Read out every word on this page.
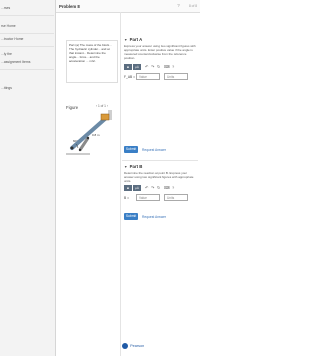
...rses
rse Home
...tructor Home
...ly the
...assignment Items
...ttings
Problem 8	?	8 of 8
Part (a) The mass of the block... The hydraulic cylinder... and at that instant... Determine the angle... force... and the acceleration ... m/s².
Figure	‹ 1 of 1 ›
60°
0.8 m
▼ Part A
Express your answer using two significant figures with appropriate units. Enter positive value if the angle is measured counterclockwise from the reference position.
■	μÅ	↶ ↷ ↻ ⌨ ?
F_AB =	Value	Units
Submit	Request Answer
▼ Part B
Determine the reaction at point B. Express your answer using two significant figures with appropriate units.
■	μÅ	↶ ↷ ↻ ⌨ ?
B =	Value	Units
Submit	Request Answer
Pearson
